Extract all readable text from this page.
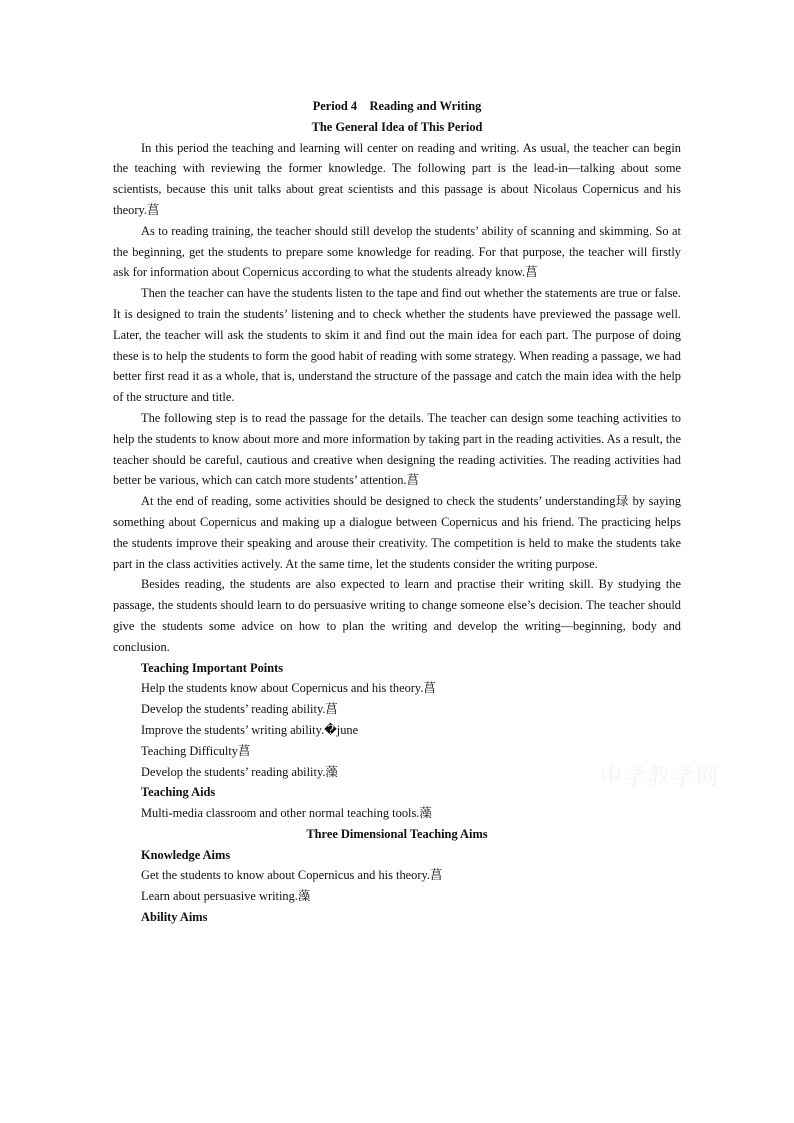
Period 4    Reading and Writing

The General Idea of This Period

In this period the teaching and learning will center on reading and writing. As usual, the teacher can begin the teaching with reviewing the former knowledge. The following part is the lead-in—talking about some scientists, because this unit talks about great scientists and this passage is about Nicolaus Copernicus and his theory.菖

As to reading training, the teacher should still develop the students’ ability of scanning and skimming. So at the beginning, get the students to prepare some knowledge for reading. For that purpose, the teacher will firstly ask for information about Copernicus according to what the students already know.菖

Then the teacher can have the students listen to the tape and find out whether the statements are true or false. It is designed to train the students’ listening and to check whether the students have previewed the passage well. Later, the teacher will ask the students to skim it and find out the main idea for each part. The purpose of doing these is to help the students to form the good habit of reading with some strategy. When reading a passage, we had better first read it as a whole, that is, understand the structure of the passage and catch the main idea with the help of the structure and title.

The following step is to read the passage for the details. The teacher can design some teaching activities to help the students to know about more and more information by taking part in the reading activities. As a result, the teacher should be careful, cautious and creative when designing the reading activities. The reading activities had better be various, which can catch more students’ attention.菖

At the end of reading, some activities should be designed to check the students’ understanding琭 by saying something about Copernicus and making up a dialogue between Copernicus and his friend. The practicing helps the students improve their speaking and arouse their creativity. The competition is held to make the students take part in the class activities actively. At the same time, let the students consider the writing purpose.

Besides reading, the students are also expected to learn and practise their writing skill. By studying the passage, the students should learn to do persuasive writing to change someone else’s decision. The teacher should give the students some advice on how to plan the writing and develop the writing—beginning, body and conclusion.

Teaching Important Points

Help the students know about Copernicus and his theory.菖

Develop the students’ reading ability.菖

Improve the students’ writing ability.�june

Teaching Difficulty菖

Develop the students’ reading ability.藻

Teaching Aids

Multi-media classroom and other normal teaching tools.藻

Three Dimensional Teaching Aims

Knowledge Aims

Get the students to know about Copernicus and his theory.菖

Learn about persuasive writing.藻

Ability Aims

中学教学网
